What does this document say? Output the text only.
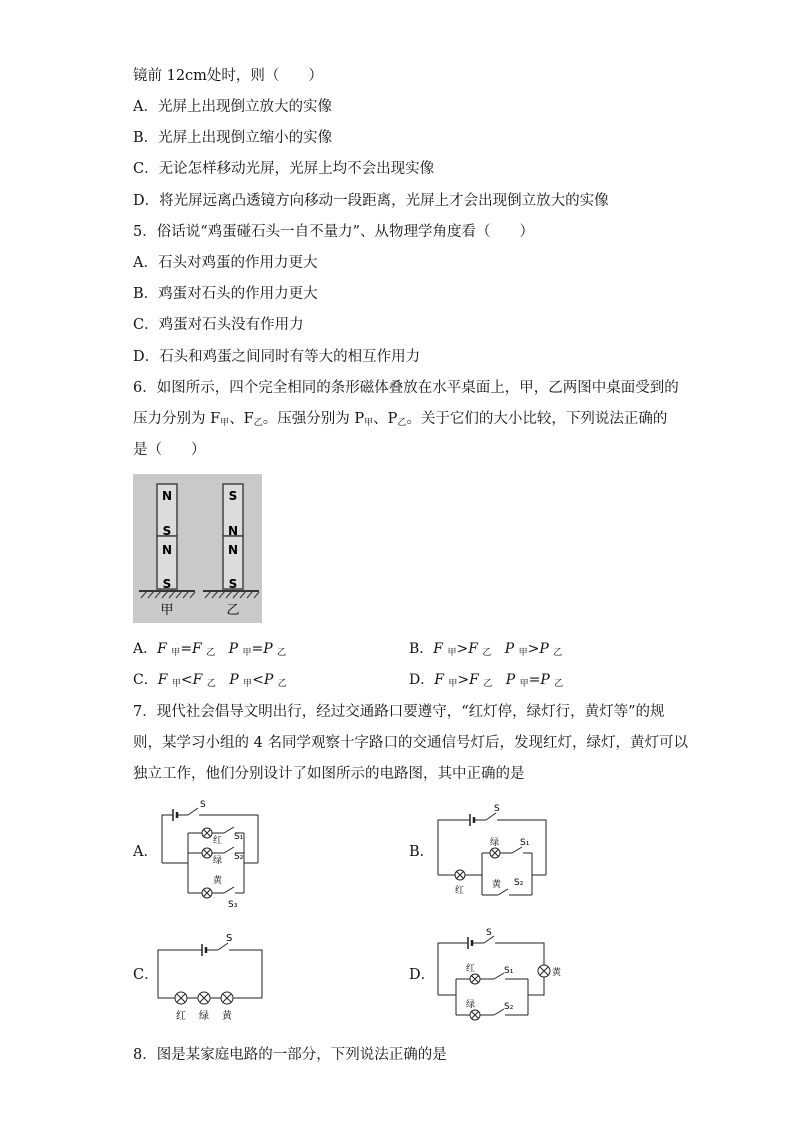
镜前 12cm处时，则（　　）
A．光屏上出现倒立放大的实像
B．光屏上出现倒立缩小的实像
C．无论怎样移动光屏，光屏上均不会出现实像
D．将光屏远离凸透镜方向移动一段距离，光屏上才会出现倒立放大的实像
5．俗话说“鸡蛋碰石头一自不量力”、从物理学角度看（　　）
A．石头对鸡蛋的作用力更大
B．鸡蛋对石头的作用力更大
C．鸡蛋对石头没有作用力
D．石头和鸡蛋之间同时有等大的相互作用力
6．如图所示，四个完全相同的条形磁体叠放在水平桌面上，甲，乙两图中桌面受到的
压力分别为 $F_甲$、$F_乙$。压强分别为 $P_甲$、$P_乙$。关于它们的大小比较，下列说法正确的
是（　　）
N
S
N
S
S
N
N
S
甲	乙
A．F $_甲$=F $_乙$ P $_甲$=P $_乙$	B．F $_甲$>F $_乙$ P $_甲$>P $_乙$
C．F $_甲$<F $_乙$ P $_甲$<P $_乙$	D．F $_甲$>F $_乙$ P $_甲$=P $_乙$
7．现代社会倡导文明出行，经过交通路口要遵守，“红灯停，绿灯行，黄灯等”的规
则，某学习小组的 4 名同学观察十字路口的交通信号灯后，发现红灯，绿灯，黄灯可以
独立工作，他们分别设计了如图所示的电路图，其中正确的是
A．	B．
C．	D．
S
红 S₁
绿 S₂
黄
S₃
S
绿 S₁
红
黄 S₂
S
红 绿 黄
S
红	S₁
绿	S₂
黄
8．图是某家庭电路的一部分，下列说法正确的是
